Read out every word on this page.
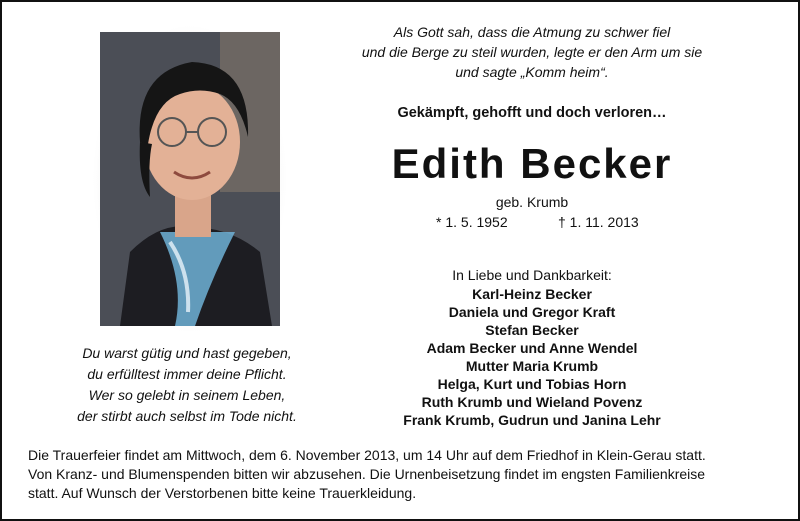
Du warst gütig und hast gegeben,
du erfülltest immer deine Pflicht.
Wer so gelebt in seinem Leben,
der stirbt auch selbst im Tode nicht.
Als Gott sah, dass die Atmung zu schwer fiel
und die Berge zu steil wurden, legte er den Arm um sie
und sagte „Komm heim“.
Gekämpft, gehofft und doch verloren…
Edith Becker
geb. Krumb
* 1. 5. 1952	† 1. 11. 2013
In Liebe und Dankbarkeit:
Karl-Heinz Becker
Daniela und Gregor Kraft
Stefan Becker
Adam Becker und Anne Wendel
Mutter Maria Krumb
Helga, Kurt und Tobias Horn
Ruth Krumb und Wieland Povenz
Frank Krumb, Gudrun und Janina Lehr
Die Trauerfeier findet am Mittwoch, dem 6. November 2013, um 14 Uhr auf dem Friedhof in Klein-Gerau statt.
Von Kranz- und Blumenspenden bitten wir abzusehen. Die Urnenbeisetzung findet im engsten Familienkreise
statt. Auf Wunsch der Verstorbenen bitte keine Trauerkleidung.
